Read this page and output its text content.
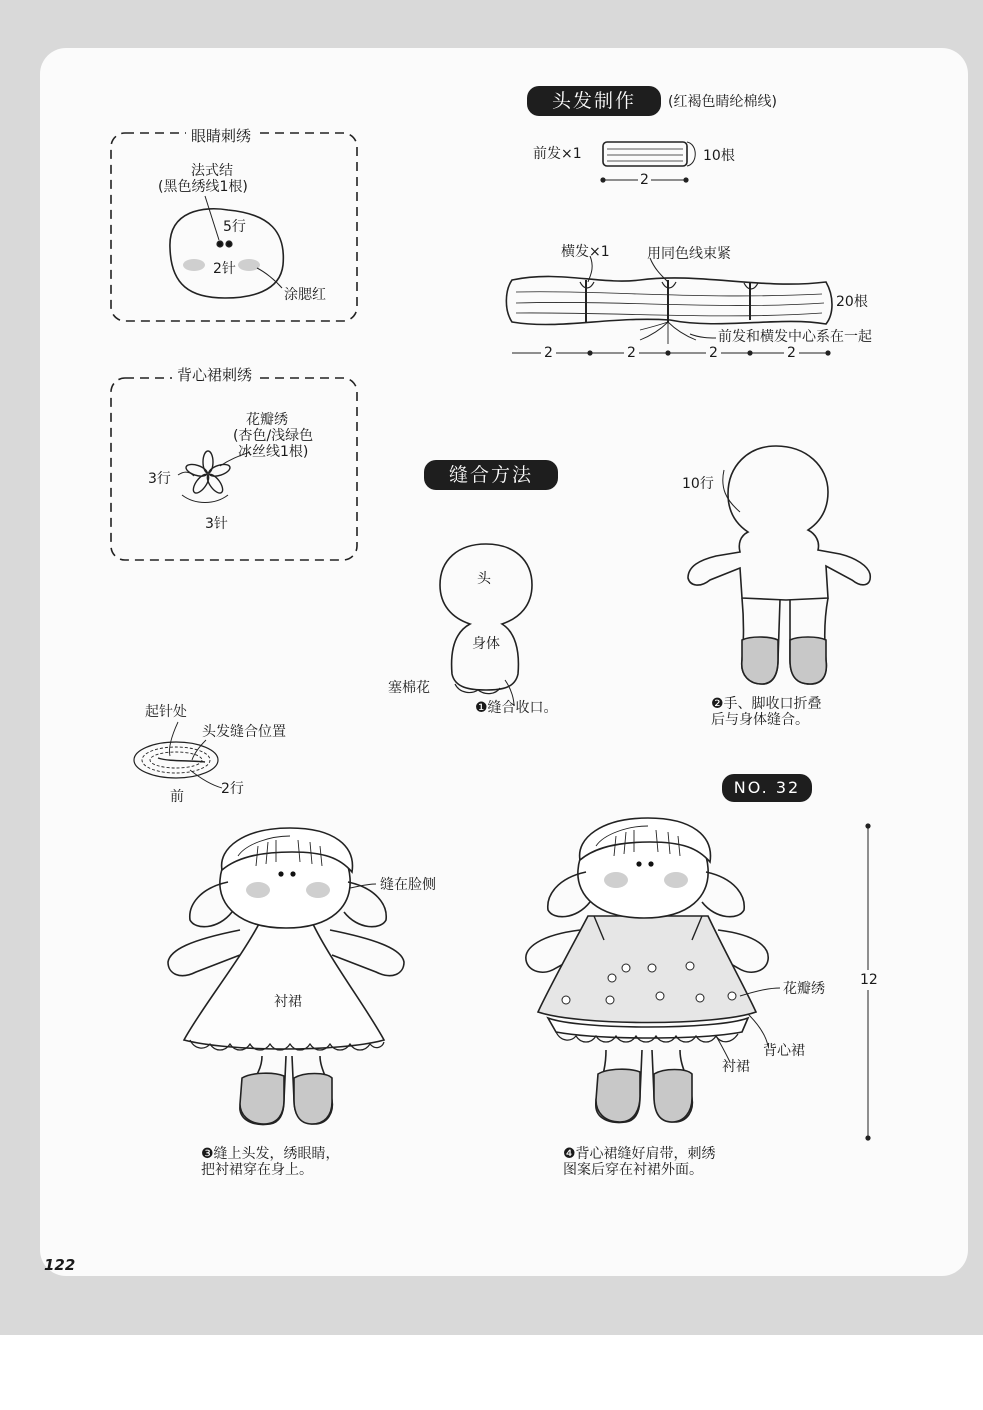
眼睛刺绣
法式结
(黑色绣线1根)
5行
2针
涂腮红
背心裙刺绣
花瓣绣
(杏色/浅绿色
冰丝线1根)
3行
3针
头发制作	(红褐色睛纶棉线)
前发×1	10根
2
横发×1	用同色线束紧
20根
前发和横发中心系在一起
2	2	2	2
缝合方法
头
身体
塞棉花
❶缝合收口。
10行
❷手、脚收口折叠
后与身体缝合。
起针处
头发缝合位置
前	2行
缝在脸侧
衬裙
❸缝上头发，绣眼睛，
把衬裙穿在身上。
NO. 32
12
花瓣绣
背心裙
衬裙
❹背心裙缝好肩带，刺绣
图案后穿在衬裙外面。
122
